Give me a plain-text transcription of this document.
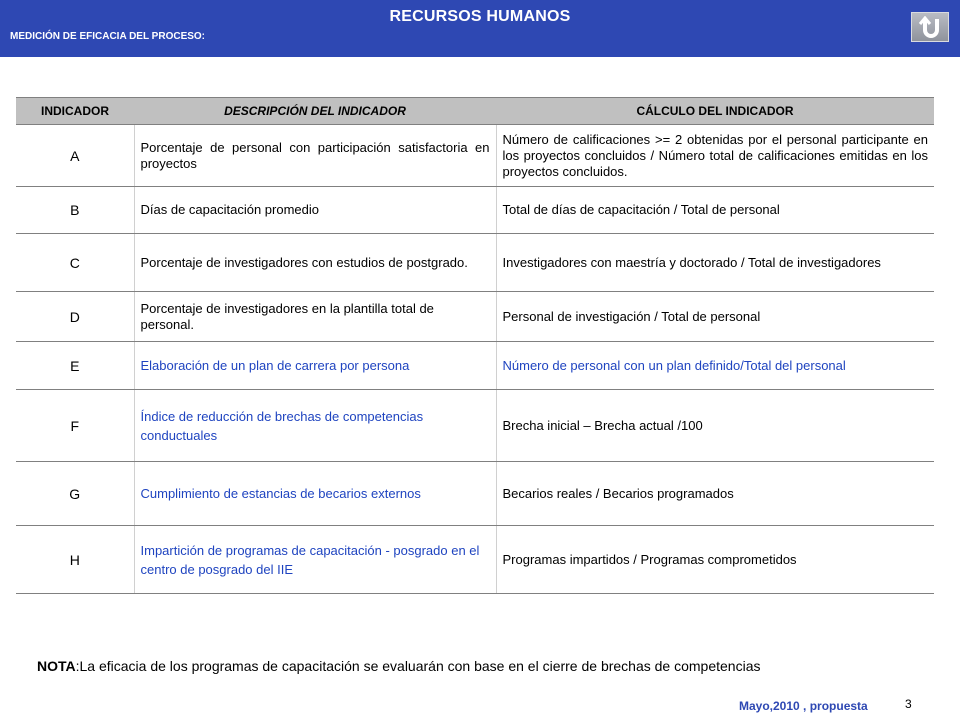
RECURSOS HUMANOS
MEDICIÓN DE EFICACIA DEL PROCESO:
INDICADOR	DESCRIPCIÓN DEL INDICADOR	CÁLCULO DEL INDICADOR
A	Porcentaje de personal con participación satisfactoria en proyectos	Número de calificaciones >= 2 obtenidas por el personal participante en los proyectos concluidos / Número total de calificaciones emitidas en los proyectos concluidos.
B	Días de capacitación promedio	Total de días de capacitación / Total de personal
C	Porcentaje de investigadores con estudios de postgrado.	Investigadores con maestría y doctorado / Total de investigadores
D	Porcentaje de investigadores en la plantilla total de personal.	Personal de investigación / Total de personal
E	Elaboración de un plan de carrera por persona	Número de personal con un plan definido/Total del personal
F	Índice de reducción de brechas de competencias conductuales	Brecha inicial – Brecha actual /100
G	Cumplimiento de estancias de becarios externos	Becarios reales / Becarios programados
H	Impartición de programas de capacitación - posgrado en el centro de posgrado del IIE	Programas impartidos / Programas comprometidos
NOTA:La eficacia de los programas de capacitación se evaluarán con base en el cierre de brechas de competencias
Mayo,2010 , propuesta	3
